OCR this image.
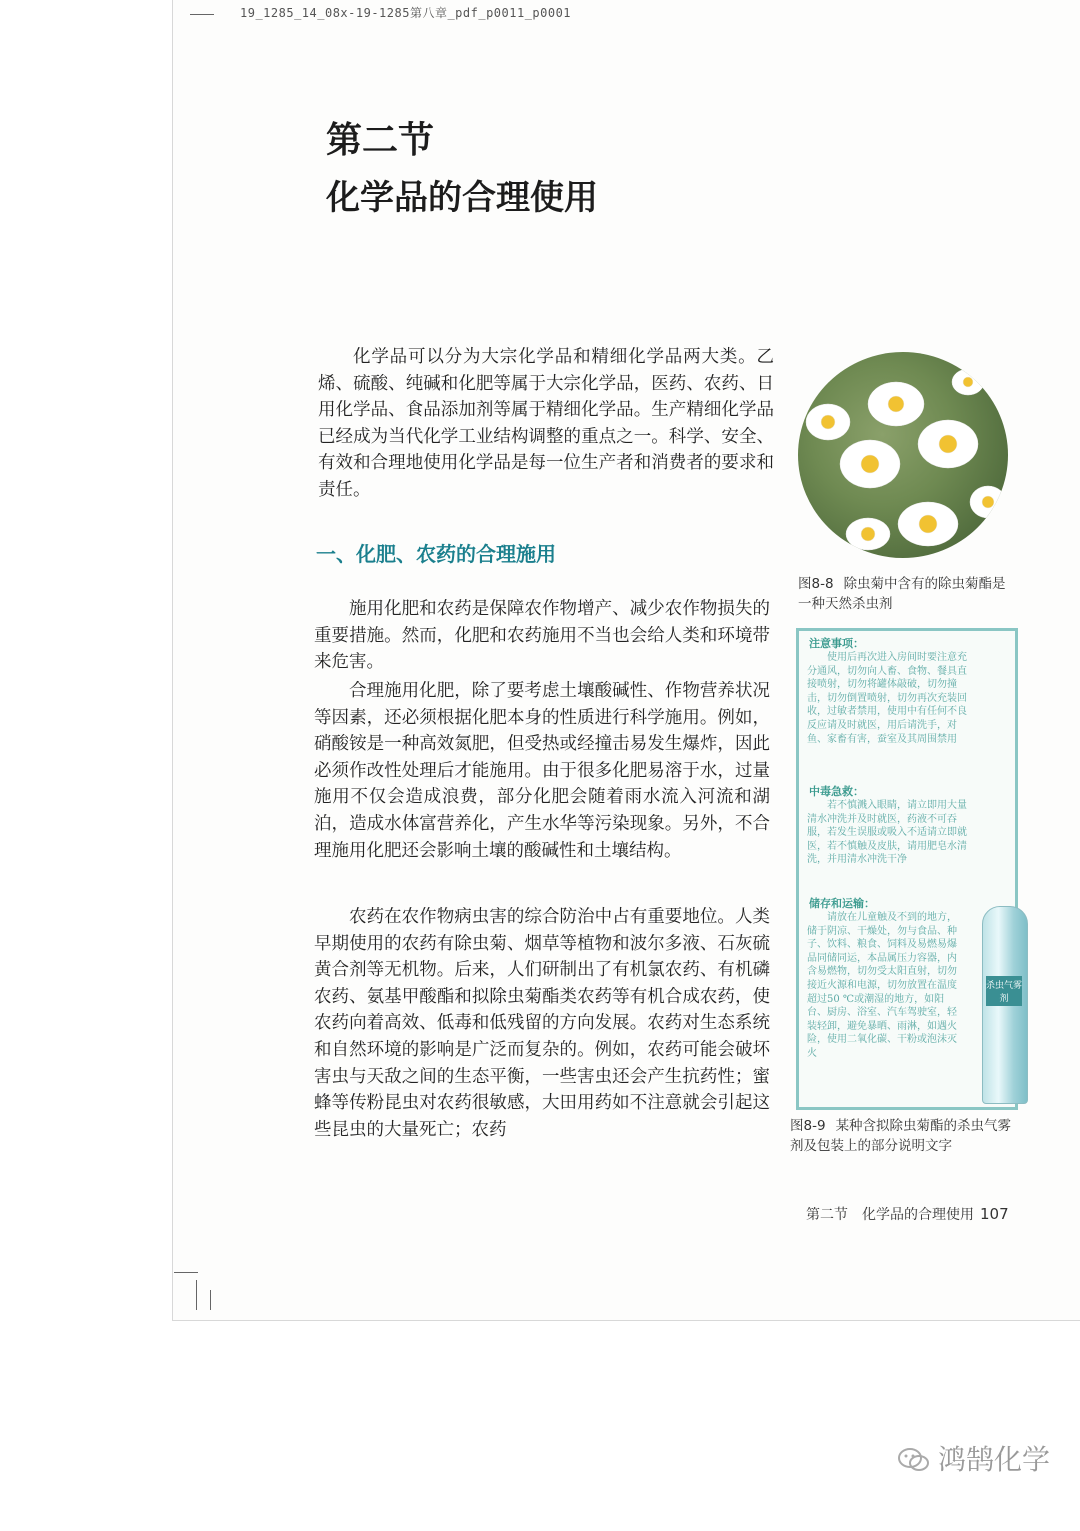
19_1285_14_08x-19-1285第八章_pdf_p0011_p0001
第二节
化学品的合理使用
化学品可以分为大宗化学品和精细化学品两大类。乙烯、硫酸、纯碱和化肥等属于大宗化学品，医药、农药、日用化学品、食品添加剂等属于精细化学品。生产精细化学品已经成为当代化学工业结构调整的重点之一。科学、安全、有效和合理地使用化学品是每一位生产者和消费者的要求和责任。
一、化肥、农药的合理施用
施用化肥和农药是保障农作物增产、减少农作物损失的重要措施。然而，化肥和农药施用不当也会给人类和环境带来危害。
合理施用化肥，除了要考虑土壤酸碱性、作物营养状况等因素，还必须根据化肥本身的性质进行科学施用。例如，硝酸铵是一种高效氮肥，但受热或经撞击易发生爆炸，因此必须作改性处理后才能施用。由于很多化肥易溶于水，过量施用不仅会造成浪费，部分化肥会随着雨水流入河流和湖泊，造成水体富营养化，产生水华等污染现象。另外，不合理施用化肥还会影响土壤的酸碱性和土壤结构。
农药在农作物病虫害的综合防治中占有重要地位。人类早期使用的农药有除虫菊、烟草等植物和波尔多液、石灰硫黄合剂等无机物。后来，人们研制出了有机氯农药、有机磷农药、氨基甲酸酯和拟除虫菊酯类农药等有机合成农药，使农药向着高效、低毒和低残留的方向发展。农药对生态系统和自然环境的影响是广泛而复杂的。例如，农药可能会破坏害虫与天敌之间的生态平衡，一些害虫还会产生抗药性；蜜蜂等传粉昆虫对农药很敏感，大田用药如不注意就会引起这些昆虫的大量死亡；农药
图8-8 除虫菊中含有的除虫菊酯是一种天然杀虫剂
注意事项：
使用后再次进入房间时要注意充分通风，切勿向人畜、食物、餐具直接喷射，切勿将罐体敲破，切勿撞击，切勿倒置喷射，切勿再次充装回收，过敏者禁用，使用中有任何不良反应请及时就医，用后请洗手，对鱼、家畜有害，蚕室及其周围禁用
中毒急救：
若不慎溅入眼睛，请立即用大量清水冲洗并及时就医，药液不可吞服，若发生误服或吸入不适请立即就医，若不慎触及皮肤，请用肥皂水清洗，并用清水冲洗干净
储存和运输：
请放在儿童触及不到的地方，储于阴凉、干燥处，勿与食品、种子、饮料、粮食、饲料及易燃易爆品同储同运，本品属压力容器，内含易燃物，切勿受太阳直射，切勿接近火源和电源，切勿放置在温度超过50 ℃或潮湿的地方，如阳台、厨房、浴室、汽车驾驶室，轻装轻卸，避免暴晒、雨淋，如遇火险，使用二氧化碳、干粉或泡沫灭火
杀虫气雾剂
图8-9 某种含拟除虫菊酯的杀虫气雾剂及包装上的部分说明文字
第二节　化学品的合理使用 107
鸿鹄化学
